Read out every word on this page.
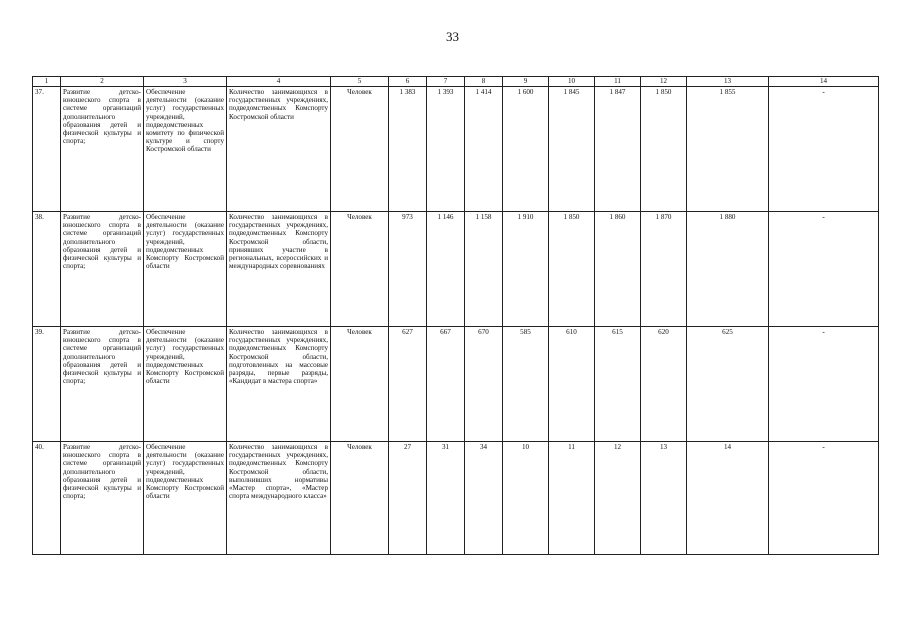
33
1	2	3	4	5	6	7	8	9	10	11	12	13	14
37.	Развитие детско-юношеского спорта в системе организаций дополнительного образования детей и физической культуры и спорта;	Обеспечение деятельности (оказание услуг) государственных учреждений, подведомственных комитету по физической культуре и спорту Костромской области	Количество занимающихся в государственных учреждениях, подведомственных Комспорту Костромской области	Человек	1 383	1 393	1 414	1 600	1 845	1 847	1 850	1 855	-
38.	Развитие детско-юношеского спорта в системе организаций дополнительного образования детей и физической культуры и спорта;	Обеспечение деятельности (оказание услуг) государственных учреждений, подведомственных Комспорту Костромской области	Количество занимающихся в государственных учреждениях, подведомственных Комспорту Костромской области, принявших участие в региональных, всероссийских и международных соревнованиях	Человек	973	1 146	1 158	1 910	1 850	1 860	1 870	1 880	-
39.	Развитие детско-юношеского спорта в системе организаций дополнительного образования детей и физической культуры и спорта;	Обеспечение деятельности (оказание услуг) государственных учреждений, подведомственных Комспорту Костромской области	Количество занимающихся в государственных учреждениях, подведомственных Комспорту Костромской области, подготовленных на массовые разряды, первые разряды, «Кандидат в мастера спорта»	Человек	627	667	670	585	610	615	620	625	-
40.	Развитие детско-юношеского спорта в системе организаций дополнительного образования детей и физической культуры и спорта;	Обеспечение деятельности (оказание услуг) государственных учреждений, подведомственных Комспорту Костромской области	Количество занимающихся в государственных учреждениях, подведомственных Комспорту Костромской области, выполнивших нормативы «Мастер спорта», «Мастер спорта международного класса»	Человек	27	31	34	10	11	12	13	14	-
